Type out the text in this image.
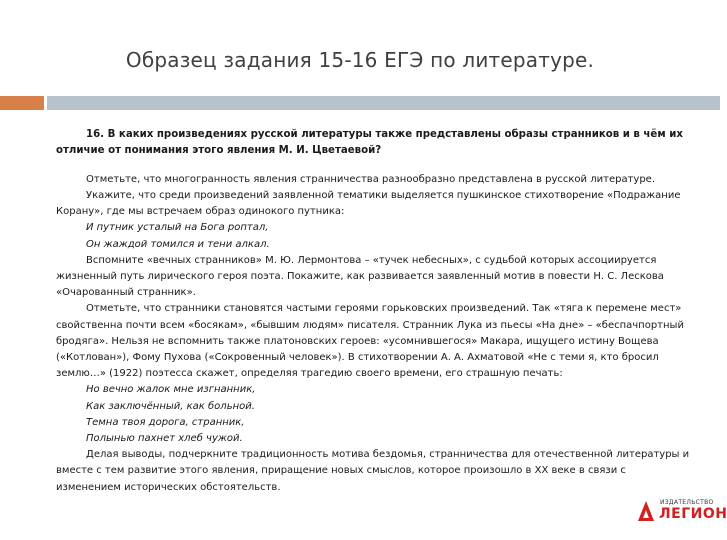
Образец задания 15-16 ЕГЭ по литературе.

16. В каких произведениях русской литературы также представлены образы странников и в чём их отличие от понимания этого явления М. И. Цветаевой?

Отметьте, что многогранность явления странничества разнообразно представлена в русской литературе.

Укажите, что среди произведений заявленной тематики выделяется пушкинское стихотворение «Подражание Корану», где мы встречаем образ одинокого путника:

И путник усталый на Бога роптал,

Он жаждой томился и тени алкал.

Вспомните «вечных странников» М. Ю. Лермонтова – «тучек небесных», с судьбой которых ассоциируется жизненный путь лирического героя поэта. Покажите, как развивается заявленный мотив в повести Н. С. Лескова «Очарованный странник».

Отметьте, что странники становятся частыми героями горьковских произведений. Так «тяга к перемене мест» свойственна почти всем «босякам», «бывшим людям» писателя. Странник Лука из пьесы «На дне» – «беспачпортный бродяга». Нельзя не вспомнить также платоновских героев: «усомнившегося» Макара, ищущего истину Вощева («Котлован»), Фому Пухова («Сокровенный человек»). В стихотворении А. А. Ахматовой «Не с теми я, кто бросил землю…» (1922) поэтесса скажет, определяя трагедию своего времени, его страшную печать:

Но вечно жалок мне изгнанник,

Как заключённый, как больной.

Темна твоя дорога, странник,

Полынью пахнет хлеб чужой.

Делая выводы, подчеркните традиционность мотива бездомья, странничества для отечественной литературы и вместе с тем развитие этого явления, приращение новых смыслов, которое произошло в XX веке в связи с изменением исторических обстоятельств.

ИЗДАТЕЛЬСТВО
ЛЕГИОН
